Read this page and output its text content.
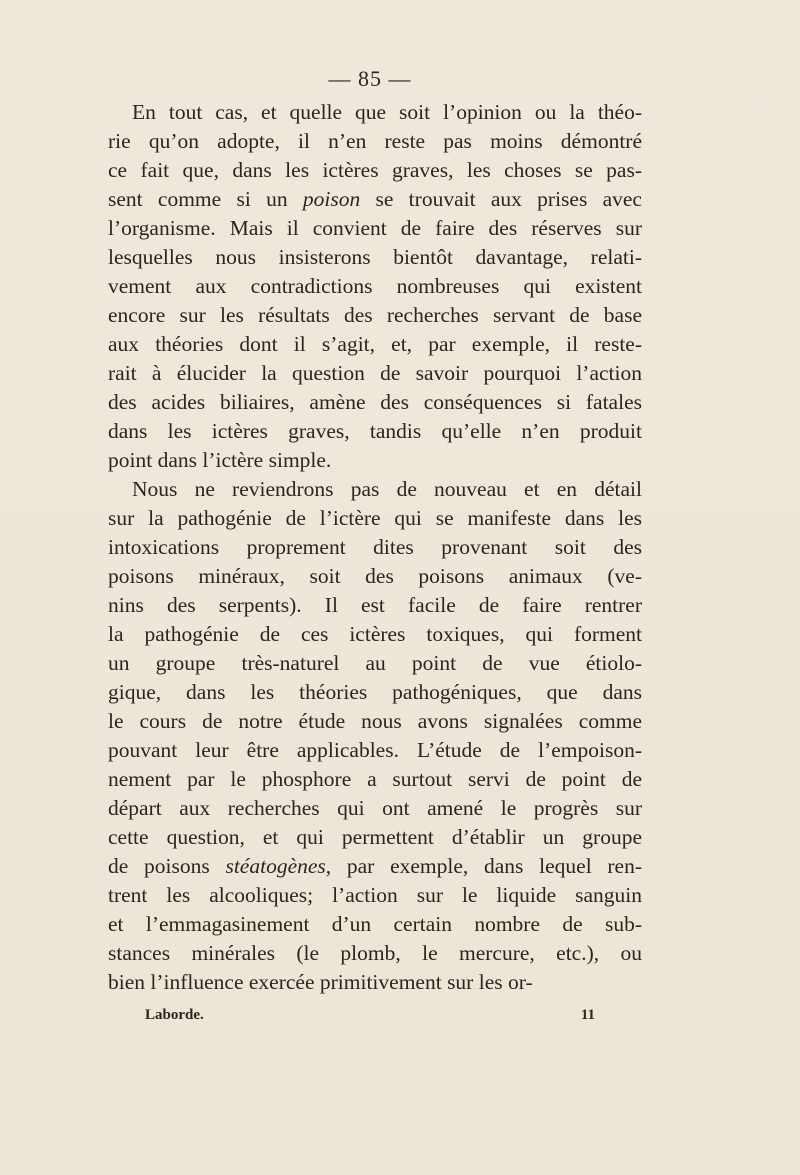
— 85 —
En tout cas, et quelle que soit l’opinion ou la théo-
rie qu’on adopte, il n’en reste pas moins démontré
ce fait que, dans les ictères graves, les choses se pas-
sent comme si un poison se trouvait aux prises avec
l’organisme. Mais il convient de faire des réserves sur
lesquelles nous insisterons bientôt davantage, relati-
vement aux contradictions nombreuses qui existent
encore sur les résultats des recherches servant de base
aux théories dont il s’agit, et, par exemple, il reste-
rait à élucider la question de savoir pourquoi l’action
des acides biliaires, amène des conséquences si fatales
dans les ictères graves, tandis qu’elle n’en produit
point dans l’ictère simple.
Nous ne reviendrons pas de nouveau et en détail
sur la pathogénie de l’ictère qui se manifeste dans les
intoxications proprement dites provenant soit des
poisons minéraux, soit des poisons animaux (ve-
nins des serpents). Il est facile de faire rentrer
la pathogénie de ces ictères toxiques, qui forment
un groupe très-naturel au point de vue étiolo-
gique, dans les théories pathogéniques, que dans
le cours de notre étude nous avons signalées comme
pouvant leur être applicables. L’étude de l’empoison-
nement par le phosphore a surtout servi de point de
départ aux recherches qui ont amené le progrès sur
cette question, et qui permettent d’établir un groupe
de poisons stéatogènes, par exemple, dans lequel ren-
trent les alcooliques; l’action sur le liquide sanguin
et l’emmagasinement d’un certain nombre de sub-
stances minérales (le plomb, le mercure, etc.), ou
bien l’influence exercée primitivement sur les or-
Laborde.	11
